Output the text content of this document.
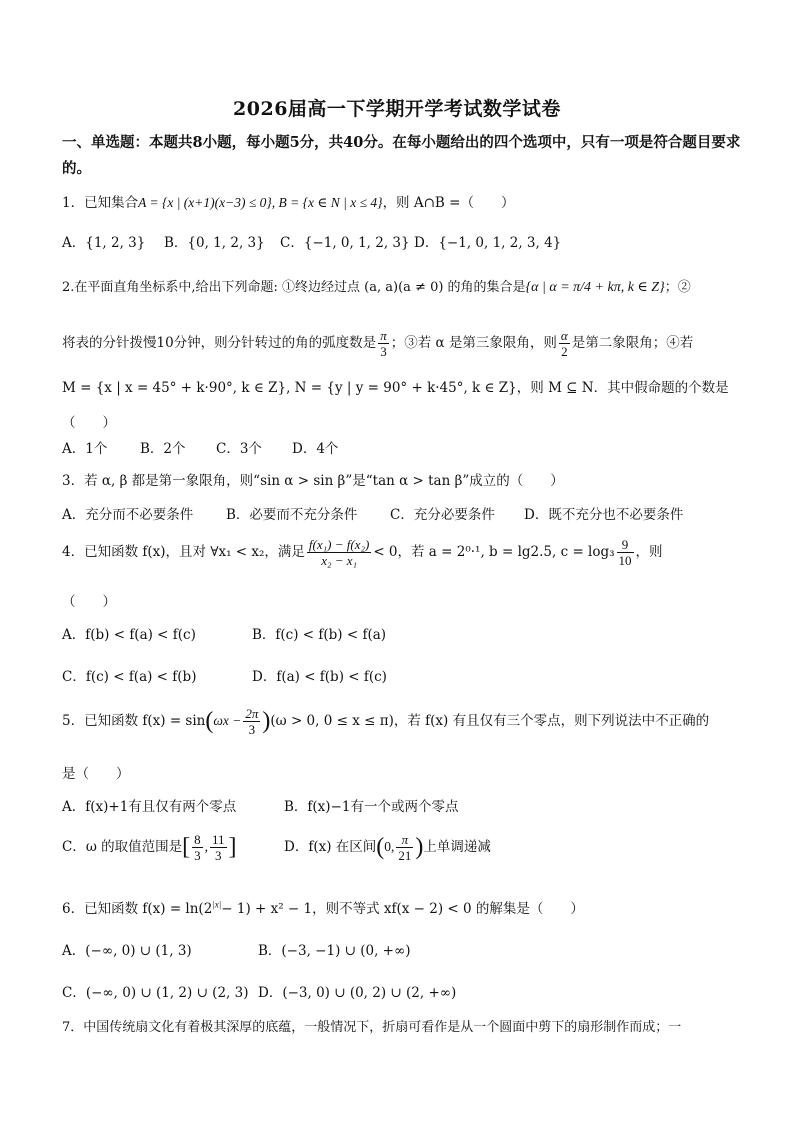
2026届高一下学期开学考试数学试卷
一、单选题：本题共8小题，每小题5分，共40分。在每小题给出的四个选项中，只有一项是符合题目要求的。
1．已知集合A = {x | (x+1)(x−3) ≤ 0}, B = {x ∈ N | x ≤ 4}，则 A∩B =（　　）
A．{1, 2, 3} B．{0, 1, 2, 3} C．{−1, 0, 1, 2, 3} D．{−1, 0, 1, 2, 3, 4}
2.在平面直角坐标系中,给出下列命题: ①终边经过点 (a, a)(a ≠ 0) 的角的集合是{α | α = π/4 + kπ, k ∈ Z}；②
将表的分针拨慢10分钟，则分针转过的角的弧度数是 $\frac{\pi}{3}$ ；③若 α 是第三象限角，则 $\frac{\alpha}{2}$ 是第二象限角；④若
M = {x | x = 45° + k·90°, k ∈ Z}, N = {y | y = 90° + k·45°, k ∈ Z}，则 M ⊆ N．其中假命题的个数是
（　　）
A．1个 B．2个 C．3个 D．4个
3．若 α, β 都是第一象限角，则“sin α > sin β”是“tan α > tan β”成立的（　　）
A．充分而不必要条件 B．必要而不充分条件 C．充分必要条件 D．既不充分也不必要条件
4．已知函数 f(x)，且对 ∀x₁ < x₂，满足 $\frac{\text{f(x₁) − f(x₂)}}{\text{x₂ − x₁}} < 0$，若 a = 2⁰·¹, b = lg2.5, $c = \log_3 \frac{9}{10}$ ，则
（　　）
A．f(b) < f(a) < f(c)	B．f(c) < f(b) < f(a)
C．f(c) < f(a) < f(b)	D．f(a) < f(b) < f(c)
5．已知函数 $f(x) = \sin(\omega x - \frac{2\pi}{3} )(\omega > 0$, 0 ≤ x ≤ π)，若 f(x) 有且仅有三个零点，则下列说法中不正确的
是（　　）
A．f(x)+1有且仅有两个零点	B．f(x)−1有一个或两个零点
C．ω 的取值范围是[ $\frac{8}{3}$ , $\frac{11}{3}$ ]	D．f(x) 在区间(0, $\frac{\pi}{21}$ )上单调递减
6．已知函数 $f(x) = \ln(2^{|x|}- 1) + x^2 - 1$，则不等式 xf(x − 2) < 0 的解集是（　　）
A．(−∞, 0) ∪ (1, 3)	B．(−3, −1) ∪ (0, +∞)
C．(−∞, 0) ∪ (1, 2) ∪ (2, 3) D．(−3, 0) ∪ (0, 2) ∪ (2, +∞)
7．中国传统扇文化有着极其深厚的底蕴，一般情况下，折扇可看作是从一个圆面中剪下的扇形制作而成；一
